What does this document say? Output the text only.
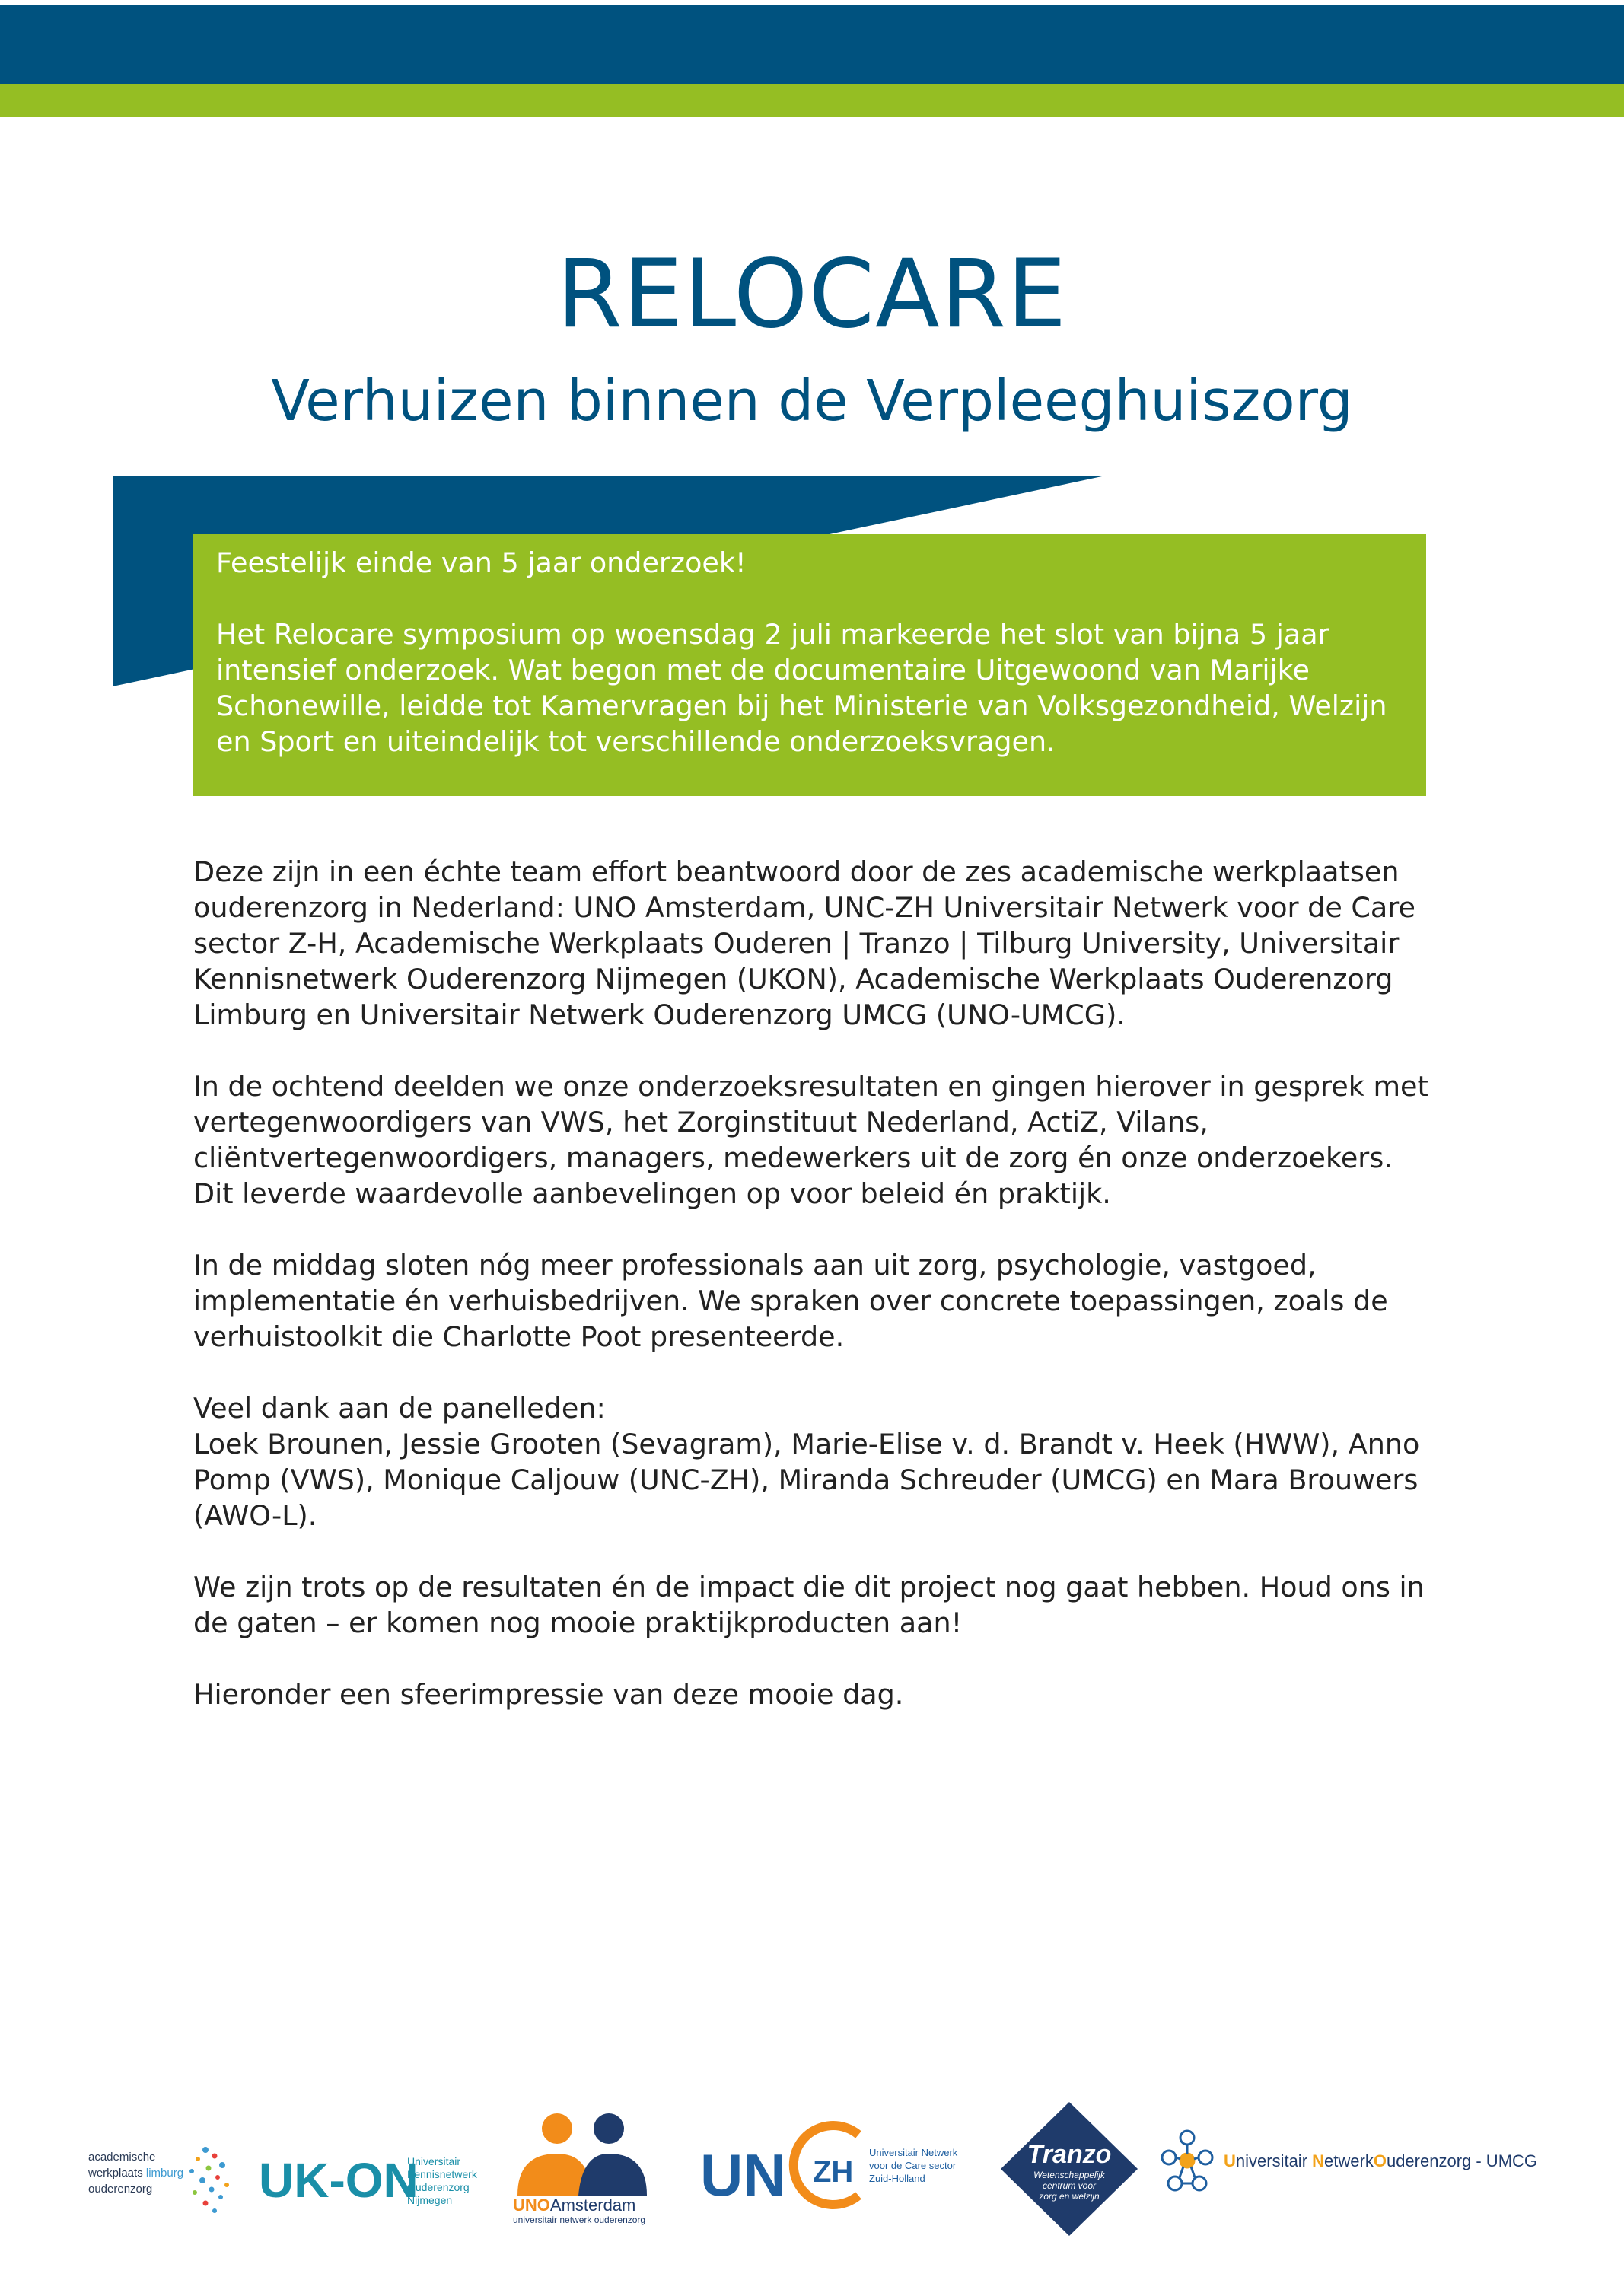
RELOCARE
Verhuizen binnen de Verpleeghuiszorg

Feestelijk einde van 5 jaar onderzoek!

Het Relocare symposium op woensdag 2 juli markeerde het slot van bijna 5 jaar intensief onderzoek. Wat begon met de documentaire Uitgewoond van Marijke Schonewille, leidde tot Kamervragen bij het Ministerie van Volksgezondheid, Welzijn en Sport en uiteindelijk tot verschillende onderzoeksvragen.

Deze zijn in een échte team effort beantwoord door de zes academische werkplaatsen ouderenzorg in Nederland: UNO Amsterdam, UNC-ZH Universitair Netwerk voor de Care sector Z-H, Academische Werkplaats Ouderen | Tranzo | Tilburg University, Universitair Kennisnetwerk Ouderenzorg Nijmegen (UKON), Academische Werkplaats Ouderenzorg Limburg en Universitair Netwerk Ouderenzorg UMCG (UNO-UMCG).

In de ochtend deelden we onze onderzoeksresultaten en gingen hierover in gesprek met vertegenwoordigers van VWS, het Zorginstituut Nederland, ActiZ, Vilans, cliëntvertegenwoordigers, managers, medewerkers uit de zorg én onze onderzoekers. Dit leverde waardevolle aanbevelingen op voor beleid én praktijk.

In de middag sloten nóg meer professionals aan uit zorg, psychologie, vastgoed, implementatie én verhuisbedrijven. We spraken over concrete toepassingen, zoals de verhuistoolkit die Charlotte Poot presenteerde.

Veel dank aan de panelleden:
Loek Brounen, Jessie Grooten (Sevagram), Marie-Elise v. d. Brandt v. Heek (HWW), Anno Pomp (VWS), Monique Caljouw (UNC-ZH), Miranda Schreuder (UMCG) en Mara Brouwers (AWO-L).

We zijn trots op de resultaten én de impact die dit project nog gaat hebben. Houd ons in de gaten – er komen nog mooie praktijkproducten aan!

Hieronder een sfeerimpressie van deze mooie dag.

academische
werkplaats limburg
ouderenzorg UK-ON
Universitair
Kennisnetwerk
Ouderenzorg
Nijmegen	UNOAmsterdam
universitair netwerk ouderenzorg
UN ZH
Universitair Netwerk
voor de Care sector
Zuid-Holland
Tranzo
Wetenschappelijk
centrum voor
zorg en welzijn
Universitair NetwerkOuderenzorg - UMCG
